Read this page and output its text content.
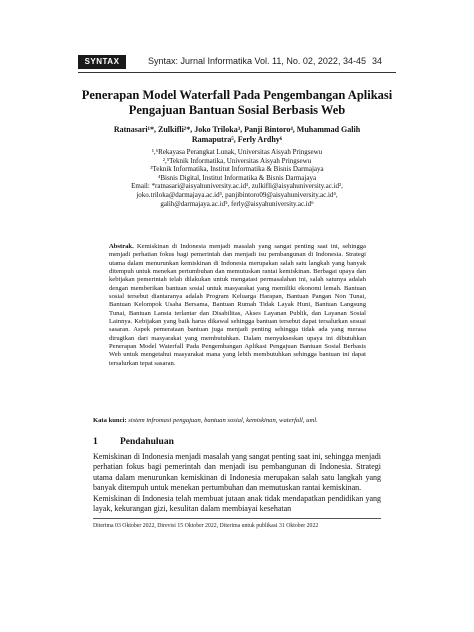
SYNTAX	Syntax: Jurnal Informatika Vol. 11, No. 02, 2022, 34-45 34
Penerapan Model Waterfall Pada Pengembangan Aplikasi
Pengajuan Bantuan Sosial Berbasis Web
Ratnasari¹*, Zulkifli²*, Joko Triloka³, Panji Bintoro⁴, Muhammad Galih
Ramaputra⁵, Ferly Ardhy⁶
¹,⁶Rekayasa Perangkat Lunak, Universitas Aisyah Pringsewu
²,⁵Teknik Informatika, Universitas Aisyah Pringsewu
³Teknik Informatika, Institut Informatika & Bisnis Darmajaya
⁴Bisnis Digital, Institut Informatika & Bisnis Darmajaya
Email: *ratnasari@aisyahuniversity.ac.id¹, zulkifli@aisyahuniversity.ac.id²,
joko.triloka@darmajaya.ac.id³, panjibintoro09@aisyahuniversity.ac.id⁴,
galih@darmajaya.ac.id⁵, ferly@aisyahuniversity.ac.id⁶
Abstrak. Kemiskinan di Indonesia menjadi masalah yang sangat penting saat ini, sehingga menjadi perhatian fokus bagi pemerintah dan menjadi isu pembangunan di Indonesia. Strategi utama dalam menurunkan kemiskinan di Indonesia merupakan salah satu langkah yang banyak ditempuh untuk menekan pertumbuhan dan memutuskan rantai kemiskinan. Berbagai upaya dan kebijakan pemerintah telah dilakukan untuk mengatasi permasalahan ini, salah satunya adalah dengan memberikan bantuan sosial untuk masyarakat yang memiliki ekonomi lemah. Bantuan sosial tersebut diantaranya adalah Program Keluarga Harapan, Bantuan Pangan Non Tunai, Bantuan Kelompok Usaha Bersama, Bantuan Rumah Tidak Layak Huni, Bantuan Langsung Tunai, Bantuan Lansia terlantar dan Disabilitas, Akses Layanan Publik, dan Layanan Sosial Lainnya. Kebijakan yang baik harus dikawal sehingga bantuan tersebut dapat tersalurkan sesuai sasaran. Aspek pemerataan bantuan juga menjadi penting sehingga tidak ada yang merasa dirugikan dari masyarakat yang membutuhkan. Dalam menyukseskan upaya ini dibutuhkan Penerapan Model Waterfall Pada Pengembangan Aplikasi Pengajuan Bantuan Sosial Berbasis Web untuk mengetahui masyarakat mana yang lebih membutuhkan sehingga bantuan ini dapat tersalurkan tepat sasaran.
Kata kunci: sistem infromasi pengajuan, bantuan sosial, kemiskinan, waterfall, uml.
1 Pendahuluan
Kemiskinan di Indonesia menjadi masalah yang sangat penting saat ini, sehingga menjadi perhatian fokus bagi pemerintah dan menjadi isu pembangunan di Indonesia. Strategi utama dalam menurunkan kemiskinan di Indonesia merupakan salah satu langkah yang banyak ditempuh untuk menekan pertumbuhan dan memutuskan rantai kemiskinan.
Kemiskinan di Indonesia telah membuat jutaan anak tidak mendapatkan pendidikan yang layak, kekurangan gizi, kesulitan dalam membiayai kesehatan
Diterima 03 Oktober 2022, Direvisi 15 Oktober 2022, Diterima untuk publikasi 31 Oktober 2022
